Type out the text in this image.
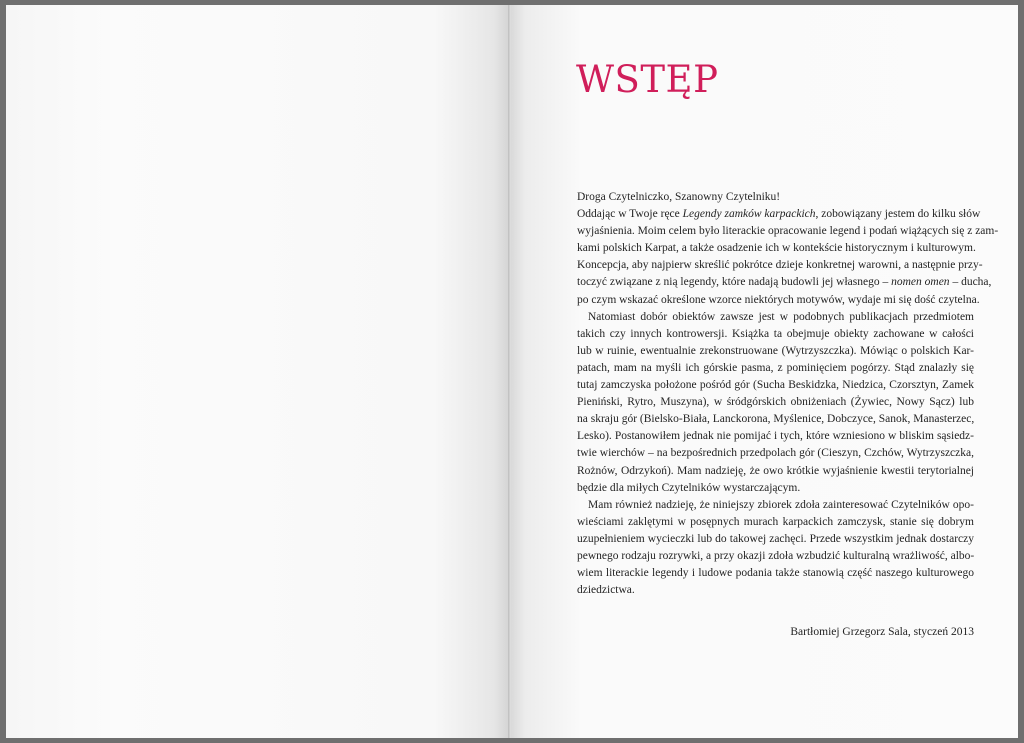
WSTĘP
Droga Czytelniczko, Szanowny Czytelniku!
Oddając w Twoje ręce Legendy zamków karpackich, zobowiązany jestem do kilku słów
wyjaśnienia. Moim celem było literackie opracowanie legend i podań wiążących się z zam-
kami polskich Karpat, a także osadzenie ich w kontekście historycznym i kulturowym.
Koncepcja, aby najpierw skreślić pokrótce dzieje konkretnej warowni, a następnie przy-
toczyć związane z nią legendy, które nadają budowli jej własnego – nomen omen – ducha,
po czym wskazać określone wzorce niektórych motywów, wydaje mi się dość czytelna.
Natomiast dobór obiektów zawsze jest w podobnych publikacjach przedmiotem
takich czy innych kontrowersji. Książka ta obejmuje obiekty zachowane w całości
lub w ruinie, ewentualnie zrekonstruowane (Wytrzyszczka). Mówiąc o polskich Kar-
patach, mam na myśli ich górskie pasma, z pominięciem pogórzy. Stąd znalazły się
tutaj zamczyska położone pośród gór (Sucha Beskidzka, Niedzica, Czorsztyn, Zamek
Pieniński, Rytro, Muszyna), w śródgórskich obniżeniach (Żywiec, Nowy Sącz) lub
na skraju gór (Bielsko-Biała, Lanckorona, Myślenice, Dobczyce, Sanok, Manasterzec,
Lesko). Postanowiłem jednak nie pomijać i tych, które wzniesiono w bliskim sąsiedz-
twie wierchów – na bezpośrednich przedpolach gór (Cieszyn, Czchów, Wytrzyszczka,
Rożnów, Odrzykoń). Mam nadzieję, że owo krótkie wyjaśnienie kwestii terytorialnej
będzie dla miłych Czytelników wystarczającym.
Mam również nadzieję, że niniejszy zbiorek zdoła zainteresować Czytelników opo-
wieściami zaklętymi w posępnych murach karpackich zamczysk, stanie się dobrym
uzupełnieniem wycieczki lub do takowej zachęci. Przede wszystkim jednak dostarczy
pewnego rodzaju rozrywki, a przy okazji zdoła wzbudzić kulturalną wrażliwość, albo-
wiem literackie legendy i ludowe podania także stanowią część naszego kulturowego
dziedzictwa.
Bartłomiej Grzegorz Sala, styczeń 2013
